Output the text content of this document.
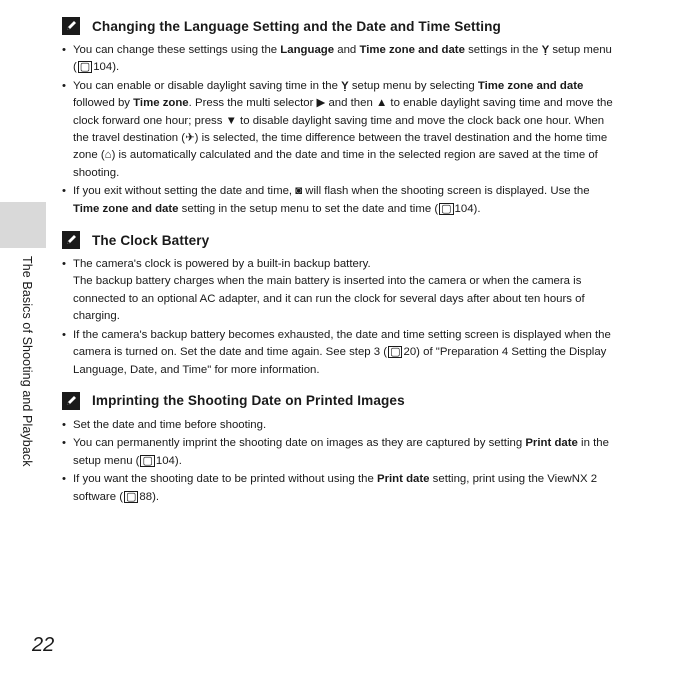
The Basics of Shooting and Playback
22
Changing the Language Setting and the Date and Time Setting
• You can change these settings using the Language and Time zone and date settings in the Ỵ setup menu ( ▢ 104).
• You can enable or disable daylight saving time in the Ỵ setup menu by selecting Time zone and date followed by Time zone. Press the multi selector ▶ and then ▲ to enable daylight saving time and move the clock forward one hour; press ▼ to disable daylight saving time and move the clock back one hour. When the travel destination (✈) is selected, the time difference between the travel destination and the home time zone (⌂) is automatically calculated and the date and time in the selected region are saved at the time of shooting.
• If you exit without setting the date and time, ◙ will flash when the shooting screen is displayed. Use the Time zone and date setting in the setup menu to set the date and time ( ▢ 104).
The Clock Battery
• The camera's clock is powered by a built-in backup battery.
The backup battery charges when the main battery is inserted into the camera or when the camera is connected to an optional AC adapter, and it can run the clock for several days after about ten hours of charging.
• If the camera's backup battery becomes exhausted, the date and time setting screen is displayed when the camera is turned on. Set the date and time again. See step 3 ( ▢ 20) of "Preparation 4 Setting the Display Language, Date, and Time" for more information.
Imprinting the Shooting Date on Printed Images
• Set the date and time before shooting.
• You can permanently imprint the shooting date on images as they are captured by setting Print date in the setup menu ( ▢ 104).
• If you want the shooting date to be printed without using the Print date setting, print using the ViewNX 2 software ( ▢ 88).
